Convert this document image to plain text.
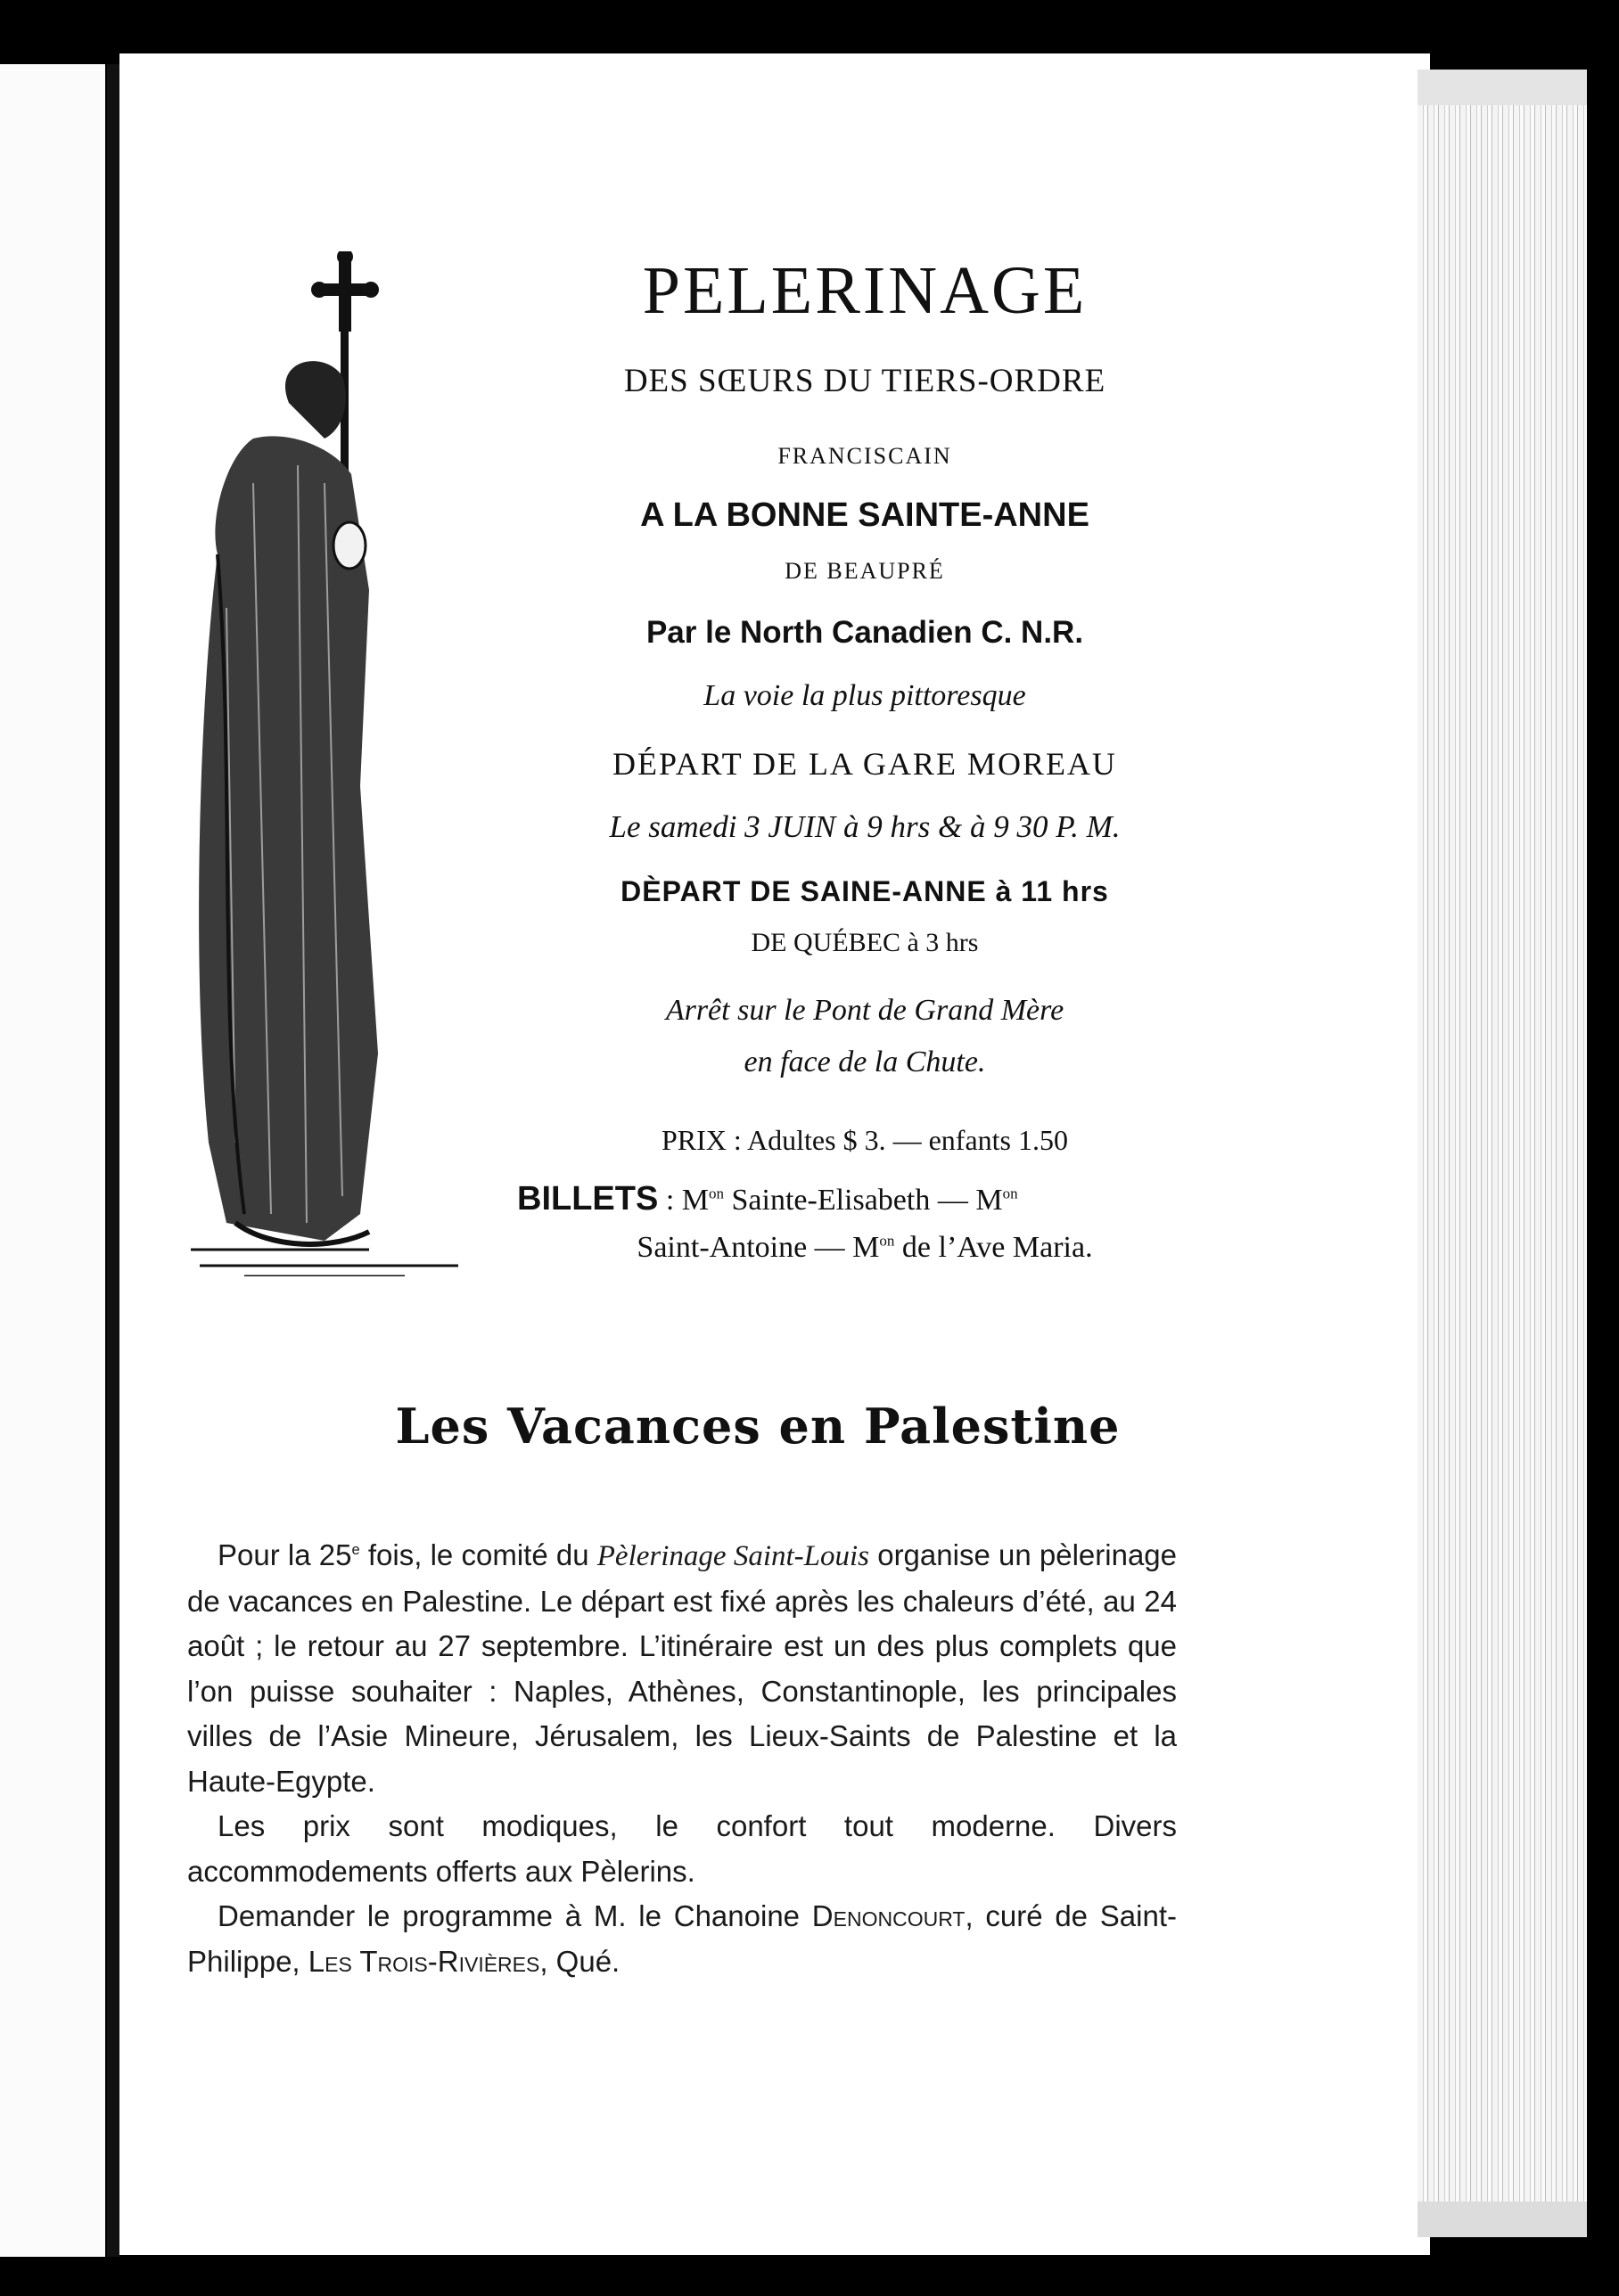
PELERINAGE
DES SŒURS DU TIERS-ORDRE
FRANCISCAIN
A LA BONNE SAINTE-ANNE
DE BEAUPRÉ
Par le North Canadien C. N.R.
La voie la plus pittoresque
DÉPART DE LA GARE MOREAU
Le samedi 3 JUIN à 9 hrs & à 9 30 P. M.
DÈPART DE SAINE-ANNE à 11 hrs
DE QUÉBEC à 3 hrs
Arrêt sur le Pont de Grand Mère
en face de la Chute.
PRIX : Adultes $ 3. — enfants 1.50
BILLETS : $M^{on}$ Sainte-Elisabeth — $M^{on}$
Saint-Antoine — $M^{on}$ de l’Ave Maria.
Les Vacances en Palestine

Pour la 25e fois, le comité du Pèlerinage Saint-Louis organise un pèlerinage de vacances en Palestine. Le départ est fixé après les chaleurs d’été, au 24 août ; le retour au 27 septembre. L’itinéraire est un des plus complets que l’on puisse souhaiter : Naples, Athènes, Constantinople, les principales villes de l’Asie Mineure, Jérusalem, les Lieux-Saints de Palestine et la Haute-Egypte.

Les prix sont modiques, le confort tout moderne. Divers accommodements offerts aux Pèlerins.

Demander le programme à M. le Chanoine Denoncourt, curé de Saint-Philippe, Les Trois-Rivières, Qué.
